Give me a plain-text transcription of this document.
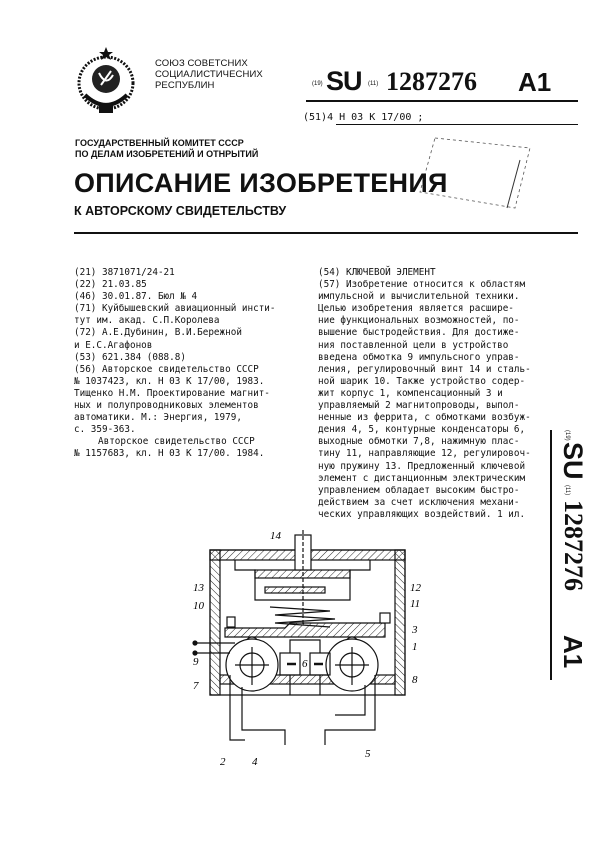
СОЮЗ СОВЕТСНИХ
СОЦИАЛИСТИЧЕСНИХ
РЕСПУБЛИН	(19) SU (11) 1287276 A1
(51)4 H 03 K 17/00 ;
ГОСУДАРСТВЕННЫЙ КОМИТЕТ СССР
ПО ДЕЛАМ ИЗОБРЕТЕНИЙ И ОТНРЫТИЙ
ОПИСАНИЕ ИЗОБРЕТЕНИЯ
К АВТОРСКОМУ СВИДЕТЕЛЬСТВУ
(21) 3871071/24-21
(22) 21.03.85
(46) 30.01.87. Бюл № 4
(71) Куйбышевский авиационный инсти-
тут им. акад. С.П.Королева
(72) А.Е.Дубинин, В.И.Бережной
и Е.С.Агафонов
(53) 621.384 (088.8)
(56) Авторское свидетельство СССР
№ 1037423, кл. Н 03 К 17/00, 1983.
Тищенко Н.М. Проектирование магнит-
ных и полупроводниковых элементов
автоматики. М.: Энергия, 1979,
с. 359-363.
Авторское свидетельство СССР
№ 1157683, кл. Н 03 К 17/00. 1984.
(54) КЛЮЧЕВОЙ ЭЛЕМЕНТ
(57) Изобретение относится к областям
импульсной и вычислительной техники.
Целью изобретения является расшире-
ние функциональных возможностей, по-
вышение быстродействия. Для достиже-
ния поставленной цели в устройство
введена обмотка 9 импульсного управ-
ления, регулировочный винт 14 и сталь-
ной шарик 10. Также устройство содер-
жит корпус 1, компенсационный 3 и
управляемый 2 магнитопроводы, выпол-
ненные из феррита, с обмотками возбуж-
дения 4, 5, контурные конденсаторы 6,
выходные обмотки 7,8, нажимную плас-
тину 11, направляющие 12, регулировоч-
ную пружину 13. Предложенный ключевой
элемент с дистанционным электрическим
управлением обладает высоким быстро-
действием за счет исключения механи-
ческих управляющих воздействий. 1 ил.
(19)
SU
(11)
1287276
A1
14
13
10
12
11
3
1
9
7	8
6
2 4
5
